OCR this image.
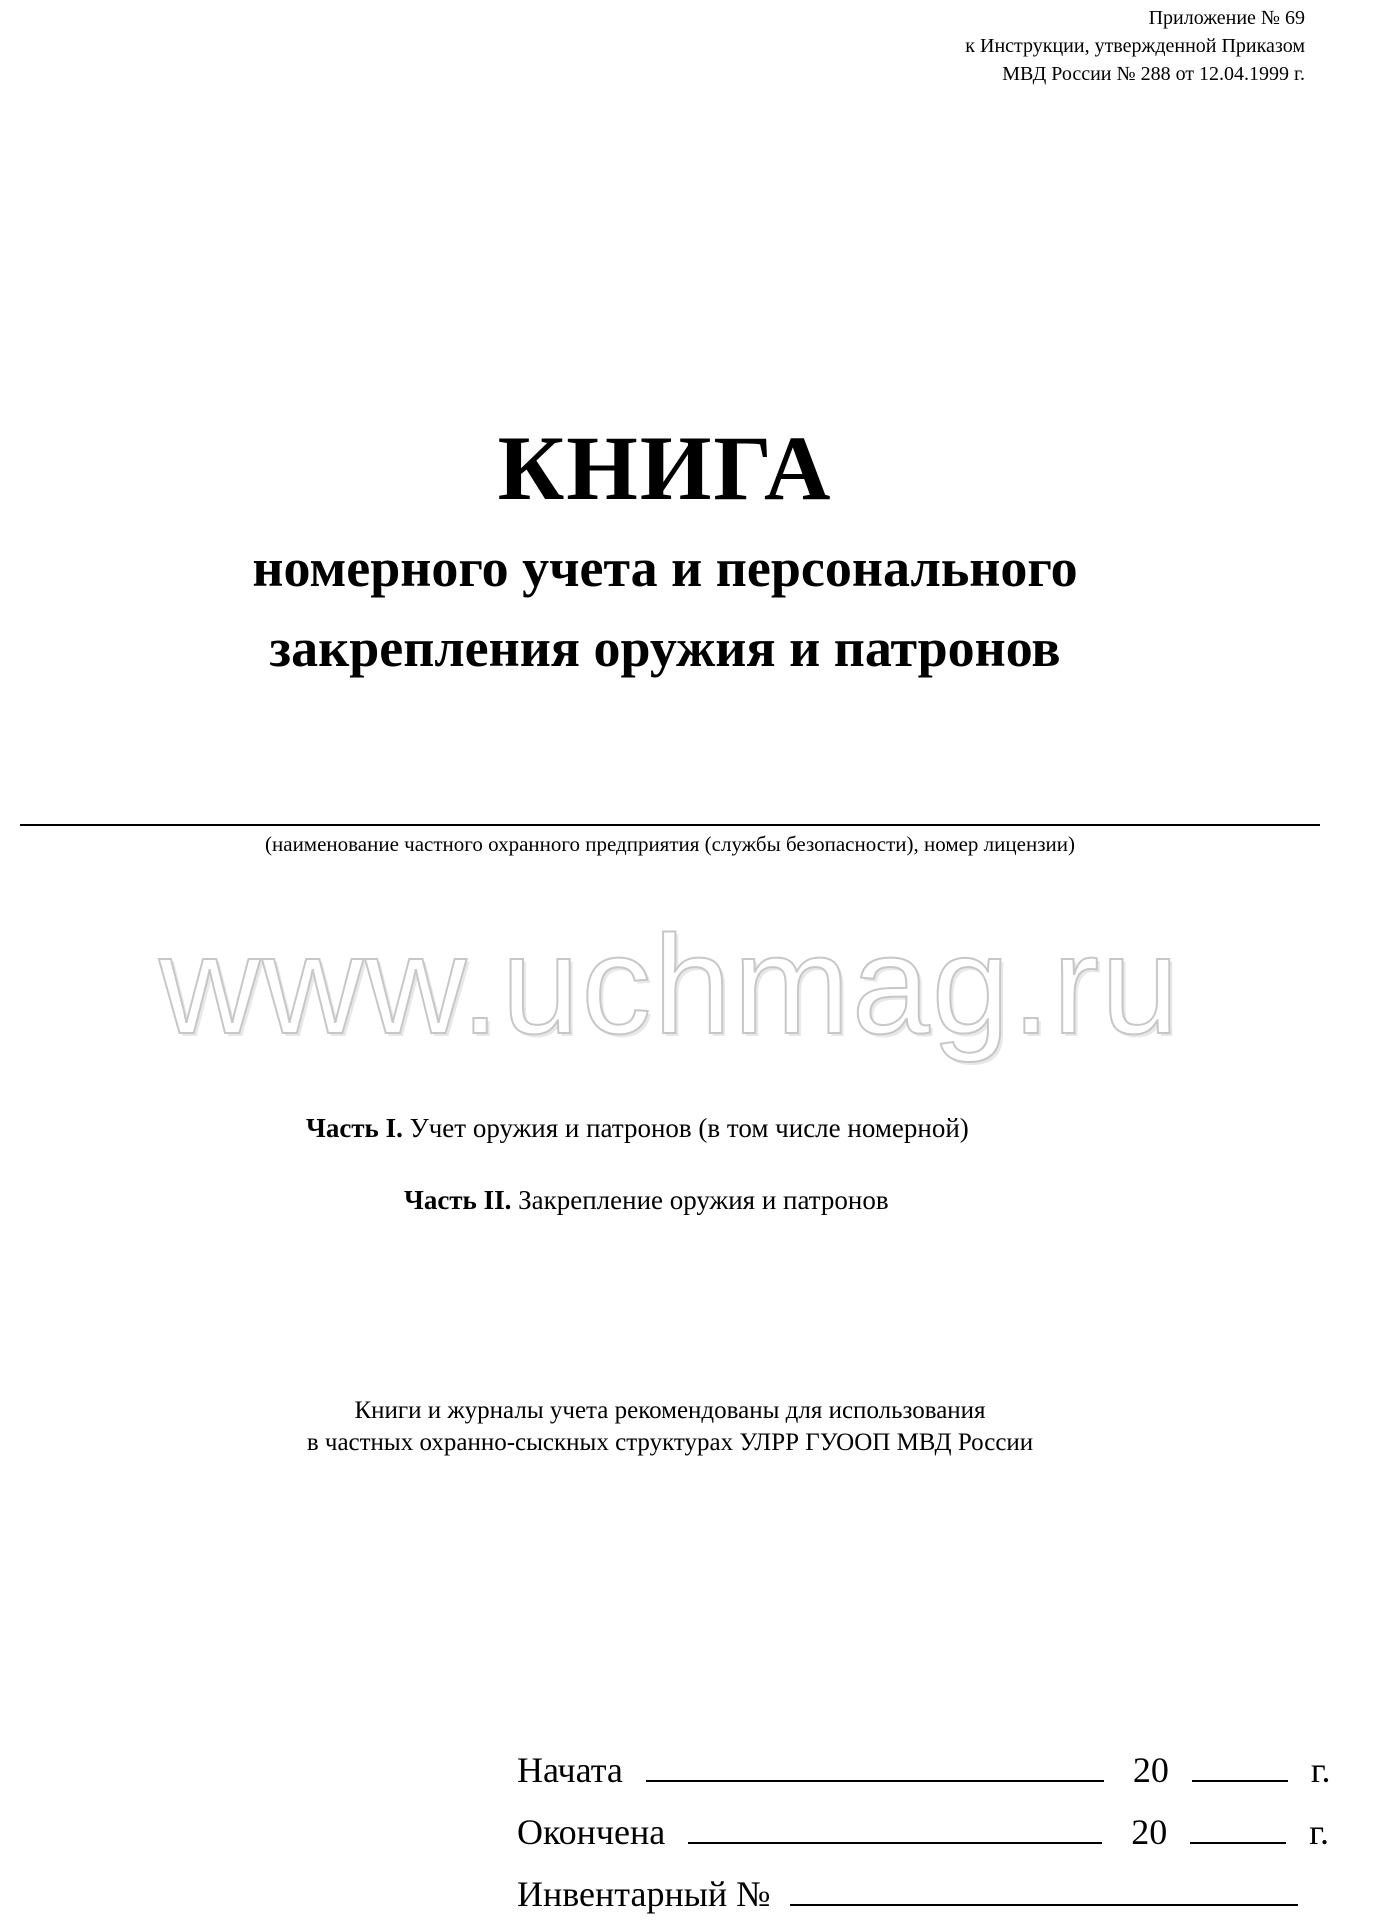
Приложение № 69
к Инструкции, утвержденной Приказом
МВД России № 288 от 12.04.1999 г.
КНИГА
номерного учета и персонального
закрепления оружия и патронов
(наименование частного охранного предприятия (службы безопасности), номер лицензии)
www.uchmag.ru
Часть I. Учет оружия и патронов (в том числе номерной)
Часть II. Закрепление оружия и патронов
Книги и журналы учета рекомендованы для использования
в частных охранно-сыскных структурах УЛРР ГУООП МВД России
Начата	20	г.
Окончена	20	г.
Инвентарный №
